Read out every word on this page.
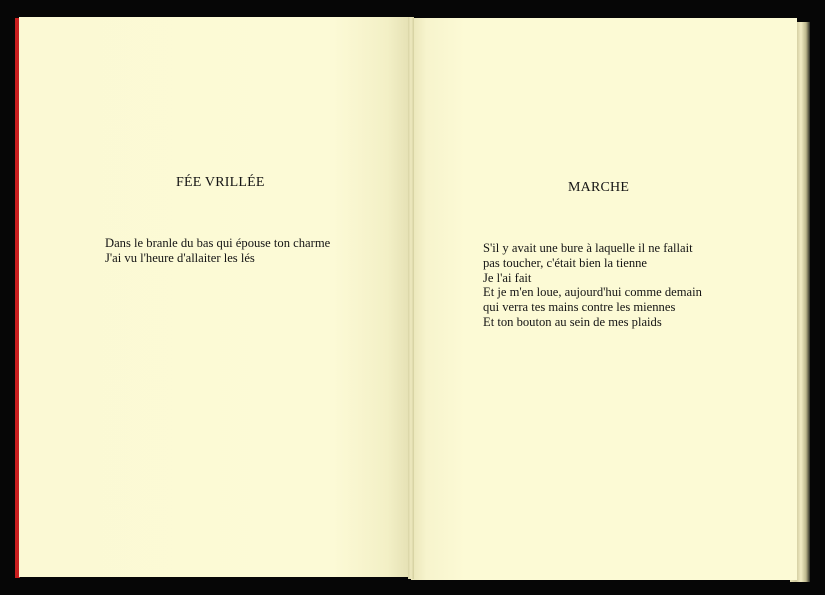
FÉE VRILLÉE
Dans le branle du bas qui épouse ton charme
J'ai vu l'heure d'allaiter les lés
MARCHE
S'il y avait une bure à laquelle il ne fallait
pas toucher, c'était bien la tienne
Je l'ai fait
Et je m'en loue, aujourd'hui comme demain
qui verra tes mains contre les miennes
Et ton bouton au sein de mes plaids
